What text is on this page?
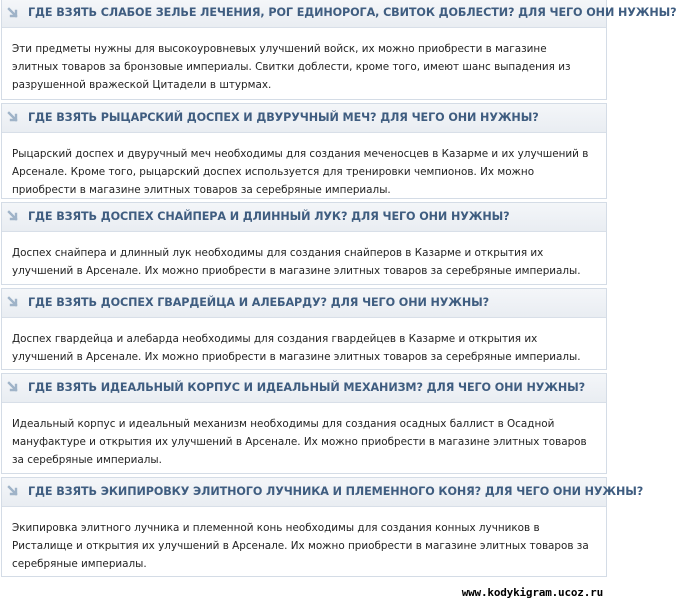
ГДЕ ВЗЯТЬ СЛАБОЕ ЗЕЛЬЕ ЛЕЧЕНИЯ, РОГ ЕДИНОРОГА, СВИТОК ДОБЛЕСТИ? ДЛЯ ЧЕГО ОНИ НУЖНЫ?
Эти предметы нужны для высокоуровневых улучшений войск, их можно приобрести в магазине элитных товаров за бронзовые империалы. Свитки доблести, кроме того, имеют шанс выпадения из разрушенной вражеской Цитадели в штурмах.
ГДЕ ВЗЯТЬ РЫЦАРСКИЙ ДОСПЕХ И ДВУРУЧНЫЙ МЕЧ? ДЛЯ ЧЕГО ОНИ НУЖНЫ?
Рыцарский доспех и двуручный меч необходимы для создания меченосцев в Казарме и их улучшений в Арсенале. Кроме того, рыцарский доспех используется для тренировки чемпионов. Их можно приобрести в магазине элитных товаров за серебряные империалы.
ГДЕ ВЗЯТЬ ДОСПЕХ СНАЙПЕРА И ДЛИННЫЙ ЛУК? ДЛЯ ЧЕГО ОНИ НУЖНЫ?
Доспех снайпера и длинный лук необходимы для создания снайперов в Казарме и открытия их улучшений в Арсенале. Их можно приобрести в магазине элитных товаров за серебряные империалы.
ГДЕ ВЗЯТЬ ДОСПЕХ ГВАРДЕЙЦА И АЛЕБАРДУ? ДЛЯ ЧЕГО ОНИ НУЖНЫ?
Доспех гвардейца и алебарда необходимы для создания гвардейцев в Казарме и открытия их улучшений в Арсенале. Их можно приобрести в магазине элитных товаров за серебряные империалы.
ГДЕ ВЗЯТЬ ИДЕАЛЬНЫЙ КОРПУС И ИДЕАЛЬНЫЙ МЕХАНИЗМ? ДЛЯ ЧЕГО ОНИ НУЖНЫ?
Идеальный корпус и идеальный механизм необходимы для создания осадных баллист в Осадной мануфактуре и открытия их улучшений в Арсенале. Их можно приобрести в магазине элитных товаров за серебряные империалы.
ГДЕ ВЗЯТЬ ЭКИПИРОВКУ ЭЛИТНОГО ЛУЧНИКА И ПЛЕМЕННОГО КОНЯ? ДЛЯ ЧЕГО ОНИ НУЖНЫ?
Экипировка элитного лучника и племенной конь необходимы для создания конных лучников в Ристалище и открытия их улучшений в Арсенале. Их можно приобрести в магазине элитных товаров за серебряные империалы.
www.kodykigram.ucoz.ru
